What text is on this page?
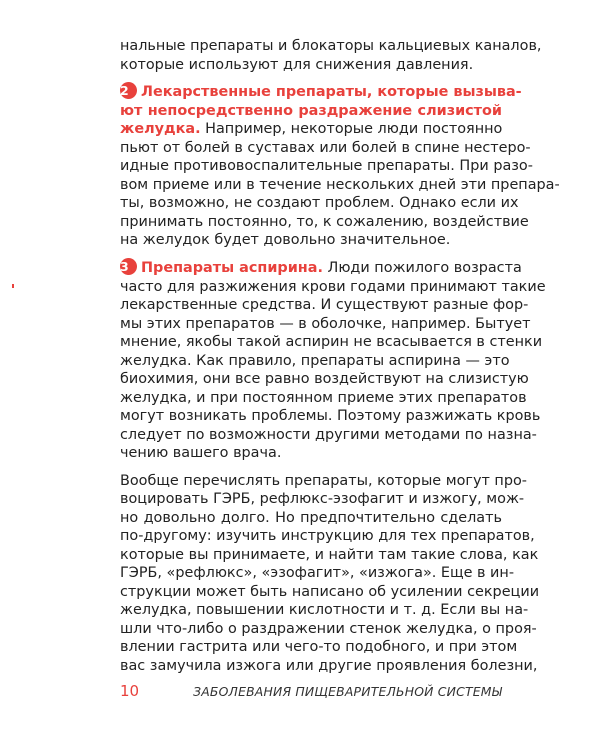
нальные препараты и блокаторы кальциевых каналов,
которые используют для снижения давления.
2 Лекарственные препараты, которые вызыва-
ют непосредственно раздражение слизистой
желудка. Например, некоторые люди постоянно
пьют от болей в суставах или болей в спине нестеро-
идные противовоспалительные препараты. При разо-
вом приеме или в течение нескольких дней эти препара-
ты, возможно, не создают проблем. Однако если их
принимать постоянно, то, к сожалению, воздействие
на желудок будет довольно значительное.
3 Препараты аспирина. Люди пожилого возраста
часто для разжижения крови годами принимают такие
лекарственные средства. И существуют разные фор-
мы этих препаратов — в оболочке, например. Бытует
мнение, якобы такой аспирин не всасывается в стенки
желудка. Как правило, препараты аспирина — это
биохимия, они все равно воздействуют на слизистую
желудка, и при постоянном приеме этих препаратов
могут возникать проблемы. Поэтому разжижать кровь
следует по возможности другими методами по назна-
чению вашего врача.
Вообще перечислять препараты, которые могут про-
воцировать ГЭРБ, рефлюкс-эзофагит и изжогу, мож-
но довольно долго. Но предпочтительно сделать
по-другому: изучить инструкцию для тех препаратов,
которые вы принимаете, и найти там такие слова, как
ГЭРБ, «рефлюкс», «эзофагит», «изжога». Еще в ин-
струкции может быть написано об усилении секреции
желудка, повышении кислотности и т. д. Если вы на-
шли что-либо о раздражении стенок желудка, о проя-
влении гастрита или чего-то подобного, и при этом
вас замучила изжога или другие проявления болезни,
10	ЗАБОЛЕВАНИЯ ПИЩЕВАРИТЕЛЬНОЙ СИСТЕМЫ
